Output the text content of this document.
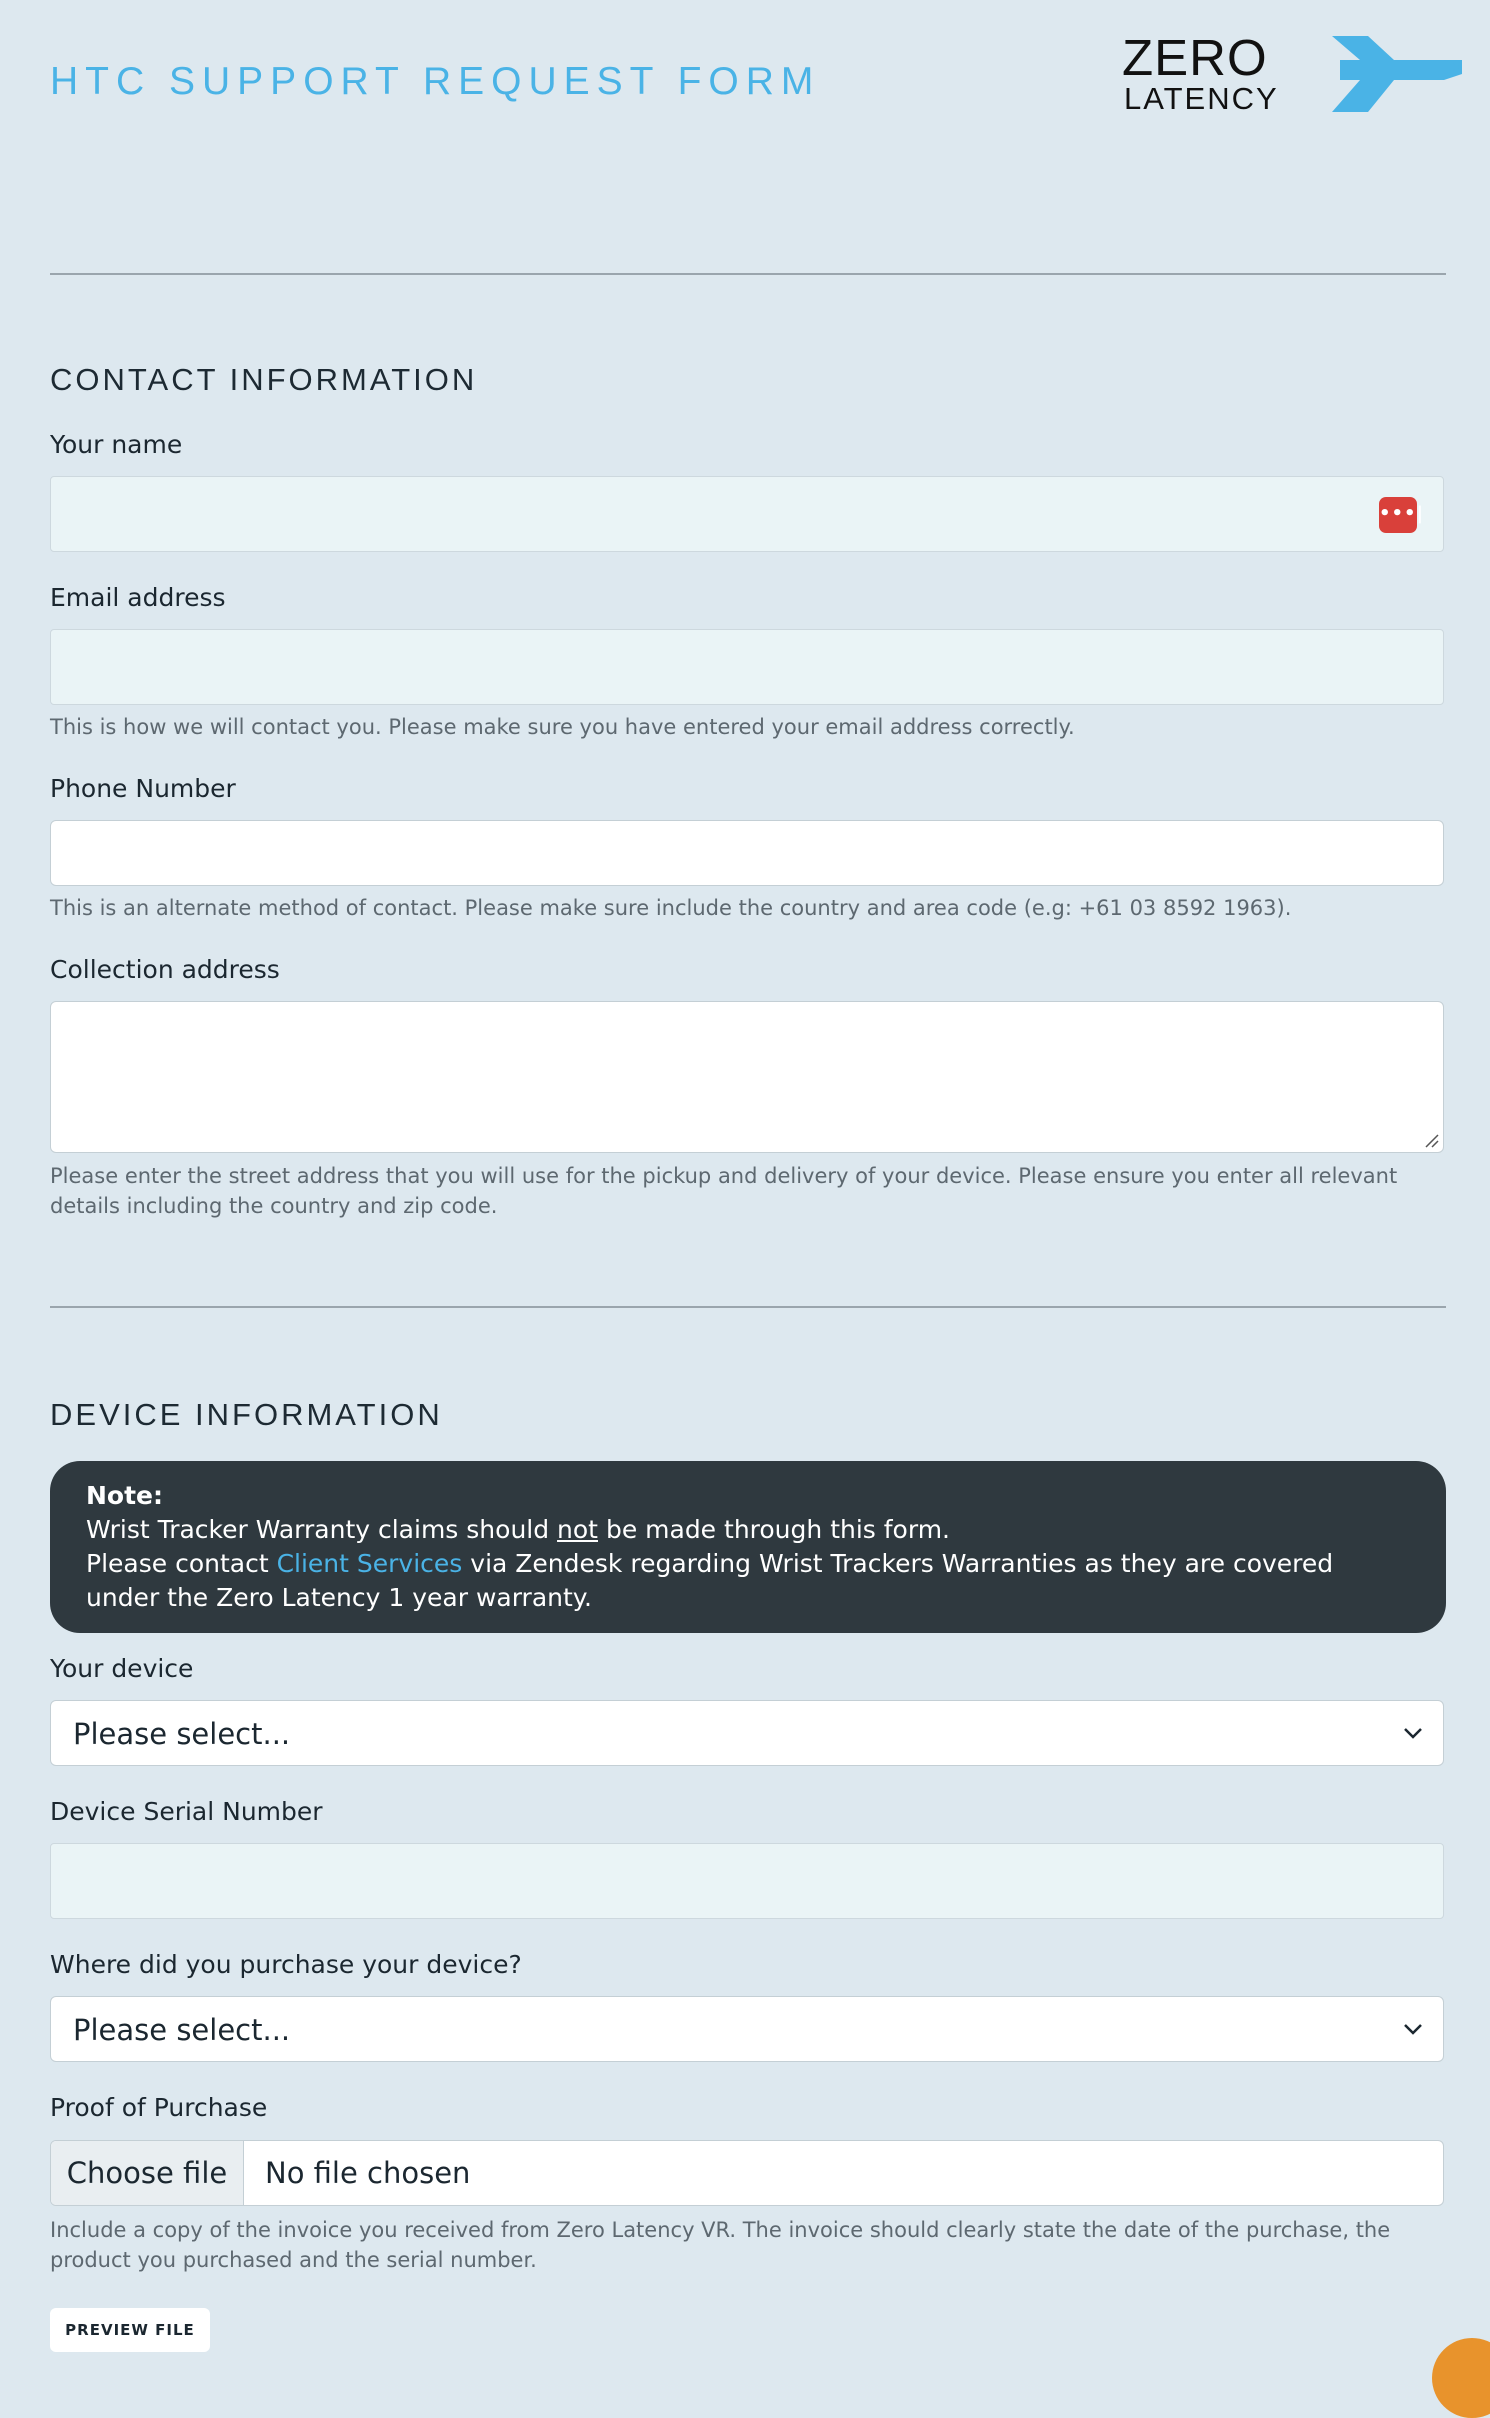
HTC SUPPORT REQUEST FORM	ZERO
LATENCY
CONTACT INFORMATION
Your name
•••|
Email address
This is how we will contact you. Please make sure you have entered your email address correctly.
Phone Number
This is an alternate method of contact. Please make sure include the country and area code (e.g: +61 03 8592 1963).
Collection address
Please enter the street address that you will use for the pickup and delivery of your device. Please ensure you enter all relevant details including the country and zip code.
DEVICE INFORMATION
Note:
Wrist Tracker Warranty claims should not be made through this form.
Please contact Client Services via Zendesk regarding Wrist Trackers Warranties as they are covered under the Zero Latency 1 year warranty.
Your device
Please select...
Device Serial Number
Where did you purchase your device?
Please select...
Proof of Purchase
Choose file	No file chosen
Include a copy of the invoice you received from Zero Latency VR. The invoice should clearly state the date of the purchase, the product you purchased and the serial number.
PREVIEW FILE
